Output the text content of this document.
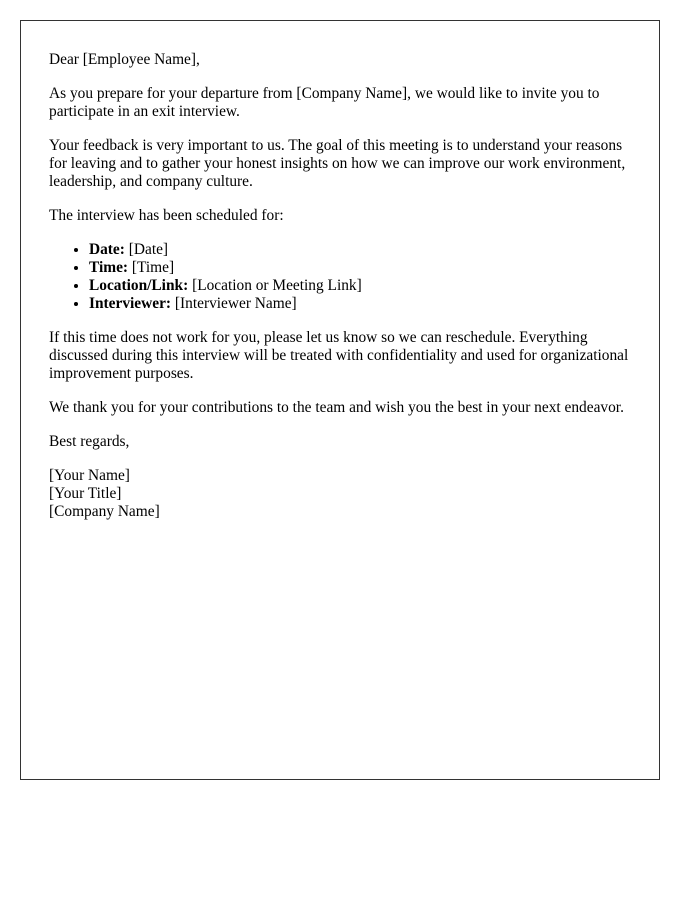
Dear [Employee Name],

As you prepare for your departure from [Company Name], we would like to invite you to participate in an exit interview.

Your feedback is very important to us. The goal of this meeting is to understand your reasons for leaving and to gather your honest insights on how we can improve our work environment, leadership, and company culture.

The interview has been scheduled for:

• Date: [Date]
• Time: [Time]
• Location/Link: [Location or Meeting Link]
• Interviewer: [Interviewer Name]

If this time does not work for you, please let us know so we can reschedule. Everything discussed during this interview will be treated with confidentiality and used for organizational improvement purposes.

We thank you for your contributions to the team and wish you the best in your next endeavor.

Best regards,

[Your Name]
[Your Title]
[Company Name]
